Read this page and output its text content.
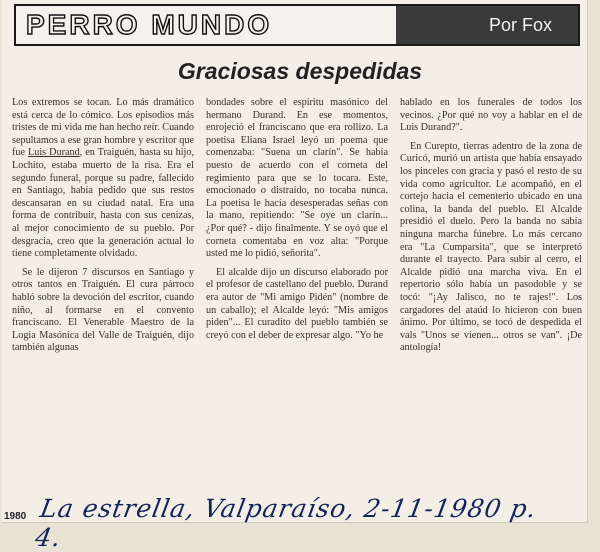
PERRO MUNDO	Por Fox
Graciosas despedidas

Los extremos se tocan. Lo más dramático está cerca de lo cómico. Los episodios más tristes de mi vida me han hecho reír. Cuando sepultamos a ese gran hombre y escritor que fue Luis Durand, en Traiguén, hasta su hijo, Lochito, estaba muerto de la risa. Era el segundo funeral, porque su padre, fallecido en Santiago, había pedido que sus restos descansaran en su ciudad natal. Era una forma de contribuir, hasta con sus cenizas, al mejor conocimiento de su pueblo. Por desgracia, creo que la generación actual lo tiene completamente olvidado.

Se le dijeron 7 discursos en Santiago y otros tantos en Traiguén. El cura párroco habló sobre la devoción del escritor, cuando niño, al formarse en el convento franciscano. El Venerable Maestro de la Logia Masónica del Valle de Traiguén, dijo también algunas

bondades sobre el espíritu masónico del hermano Durand. En ese momentos, enrojeció el franciscano que era rollizo. La poetisa Eliana Israel leyó un poema que comenzaba: "Suena un clarín". Se había puesto de acuerdo con el corneta del regimiento para que se lo tocara. Este, emocionado o distraído, no tocaba nunca. La poetisa le hacía desesperadas señas con la mano, repitiendo: "Se oye un clarín... ¿Por qué? - dijo finalmente. Y se oyó que el corneta comentaba en voz alta: "Porque usted me lo pidió, señorita".

El alcalde dijo un discurso elaborado por el profesor de castellano del pueblo. Durand era autor de "Mi amigo Pidén" (nombre de un caballo); el Alcalde leyó: "Mis amigos piden"... El curadito del pueblo también se creyó con el deber de expresar algo. "Yo he

hablado en los funerales de todos los vecinos. ¿Por qué no voy a hablar en el de Luis Durand?".

En Curepto, tierras adentro de la zona de Curicó, murió un artista que había ensayado los pinceles con gracia y pasó el resto de su vida como agricultor. Le acompañó, en el cortejo hacia el cementerio ubicado en una colina, la banda del pueblo. El Alcalde presidió el duelo. Pero la banda no sabía ninguna marcha fúnebre. Lo más cercano era "La Cumparsita", que se interpretó durante el trayecto. Para subir al cerro, el Alcalde pidió una marcha viva. En el repertorio sólo había un pasodoble y se tocó: "¡Ay Jalisco, no te rajes!". Los cargadores del ataúd lo hicieron con buen ánimo. Por último, se tocó de despedida el vals "Unos se vienen... otros se van". ¡De antología!

1980 La estrella, Valparaíso, 2-11-1980 p. 4.
